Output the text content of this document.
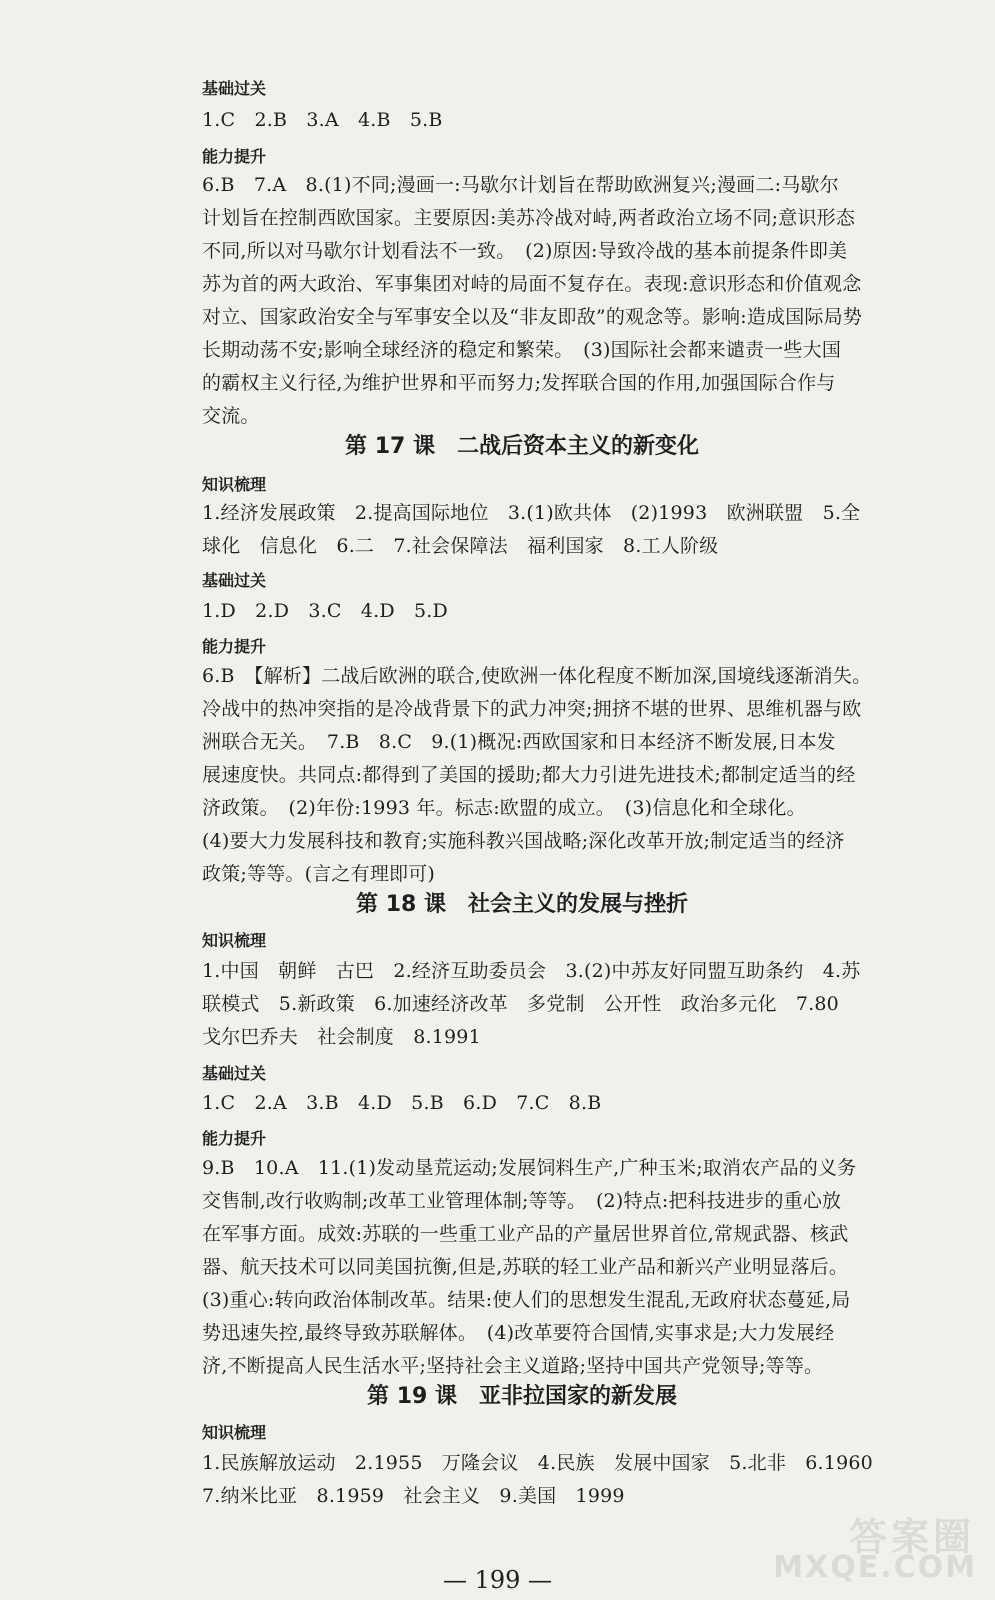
基础过关
1.C　2.B　3.A　4.B　5.B
能力提升
6.B　7.A　8.(1)不同;漫画一:马歇尔计划旨在帮助欧洲复兴;漫画二:马歇尔
计划旨在控制西欧国家。主要原因:美苏冷战对峙,两者政治立场不同;意识形态
不同,所以对马歇尔计划看法不一致。　(2)原因:导致冷战的基本前提条件即美
苏为首的两大政治、军事集团对峙的局面不复存在。表现:意识形态和价值观念
对立、国家政治安全与军事安全以及“非友即敌”的观念等。影响:造成国际局势
长期动荡不安;影响全球经济的稳定和繁荣。　(3)国际社会都来谴责一些大国
的霸权主义行径,为维护世界和平而努力;发挥联合国的作用,加强国际合作与
交流。
第 17 课　二战后资本主义的新变化
知识梳理
1.经济发展政策　2.提高国际地位　3.(1)欧共体　(2)1993　欧洲联盟　5.全
球化　信息化　6.二　7.社会保障法　福利国家　8.工人阶级
基础过关
1.D　2.D　3.C　4.D　5.D
能力提升
6.B　【解析】二战后欧洲的联合,使欧洲一体化程度不断加深,国境线逐渐消失。
冷战中的热冲突指的是冷战背景下的武力冲突;拥挤不堪的世界、思维机器与欧
洲联合无关。　7.B　8.C　9.(1)概况:西欧国家和日本经济不断发展,日本发
展速度快。共同点:都得到了美国的援助;都大力引进先进技术;都制定适当的经
济政策。　(2)年份:1993 年。标志:欧盟的成立。　(3)信息化和全球化。
(4)要大力发展科技和教育;实施科教兴国战略;深化改革开放;制定适当的经济
政策;等等。(言之有理即可)
第 18 课　社会主义的发展与挫折
知识梳理
1.中国　朝鲜　古巴　2.经济互助委员会　3.(2)中苏友好同盟互助条约　4.苏
联模式　5.新政策　6.加速经济改革　多党制　公开性　政治多元化　7.80
戈尔巴乔夫　社会制度　8.1991
基础过关
1.C　2.A　3.B　4.D　5.B　6.D　7.C　8.B
能力提升
9.B　10.A　11.(1)发动垦荒运动;发展饲料生产,广种玉米;取消农产品的义务
交售制,改行收购制;改革工业管理体制;等等。　(2)特点:把科技进步的重心放
在军事方面。成效:苏联的一些重工业产品的产量居世界首位,常规武器、核武
器、航天技术可以同美国抗衡,但是,苏联的轻工业产品和新兴产业明显落后。
(3)重心:转向政治体制改革。结果:使人们的思想发生混乱,无政府状态蔓延,局
势迅速失控,最终导致苏联解体。　(4)改革要符合国情,实事求是;大力发展经
济,不断提高人民生活水平;坚持社会主义道路;坚持中国共产党领导;等等。
第 19 课　亚非拉国家的新发展
知识梳理
1.民族解放运动　2.1955　万隆会议　4.民族　发展中国家　5.北非　6.1960
7.纳米比亚　8.1959　社会主义　9.美国　1999
— 199 —
答案圈
MXQE.COM
